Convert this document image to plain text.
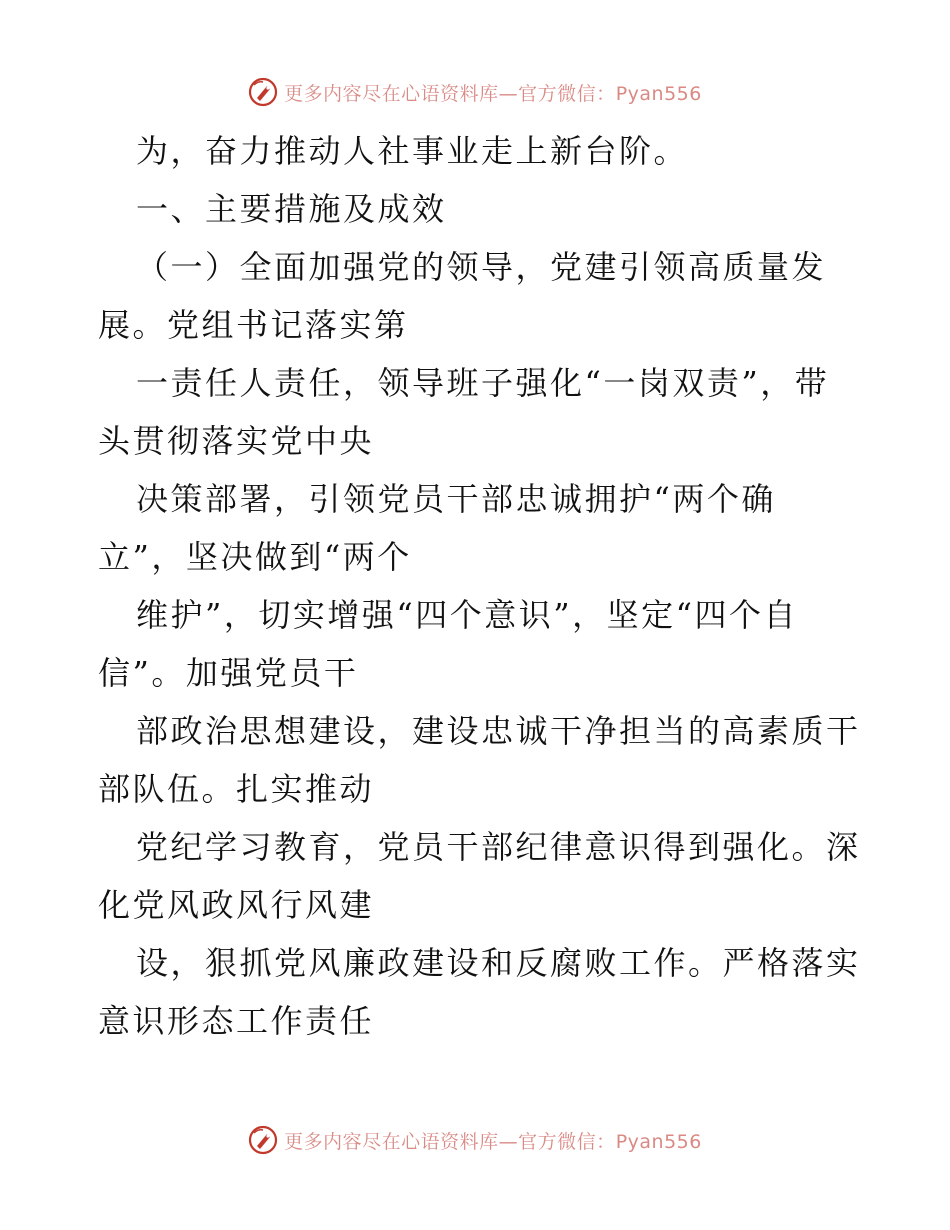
更多内容尽在心语资料库—官方微信：Pyan556

为，奋力推动人社事业走上新台阶。

一、主要措施及成效

（一）全面加强党的领导，党建引领高质量发

展。党组书记落实第

一责任人责任，领导班子强化“一岗双责”，带

头贯彻落实党中央

决策部署，引领党员干部忠诚拥护“两个确

立”，坚决做到“两个

维护”，切实增强“四个意识”，坚定“四个自

信”。加强党员干

部政治思想建设，建设忠诚干净担当的高素质干

部队伍。扎实推动

党纪学习教育，党员干部纪律意识得到强化。深

化党风政风行风建

设，狠抓党风廉政建设和反腐败工作。严格落实

意识形态工作责任

更多内容尽在心语资料库—官方微信：Pyan556
